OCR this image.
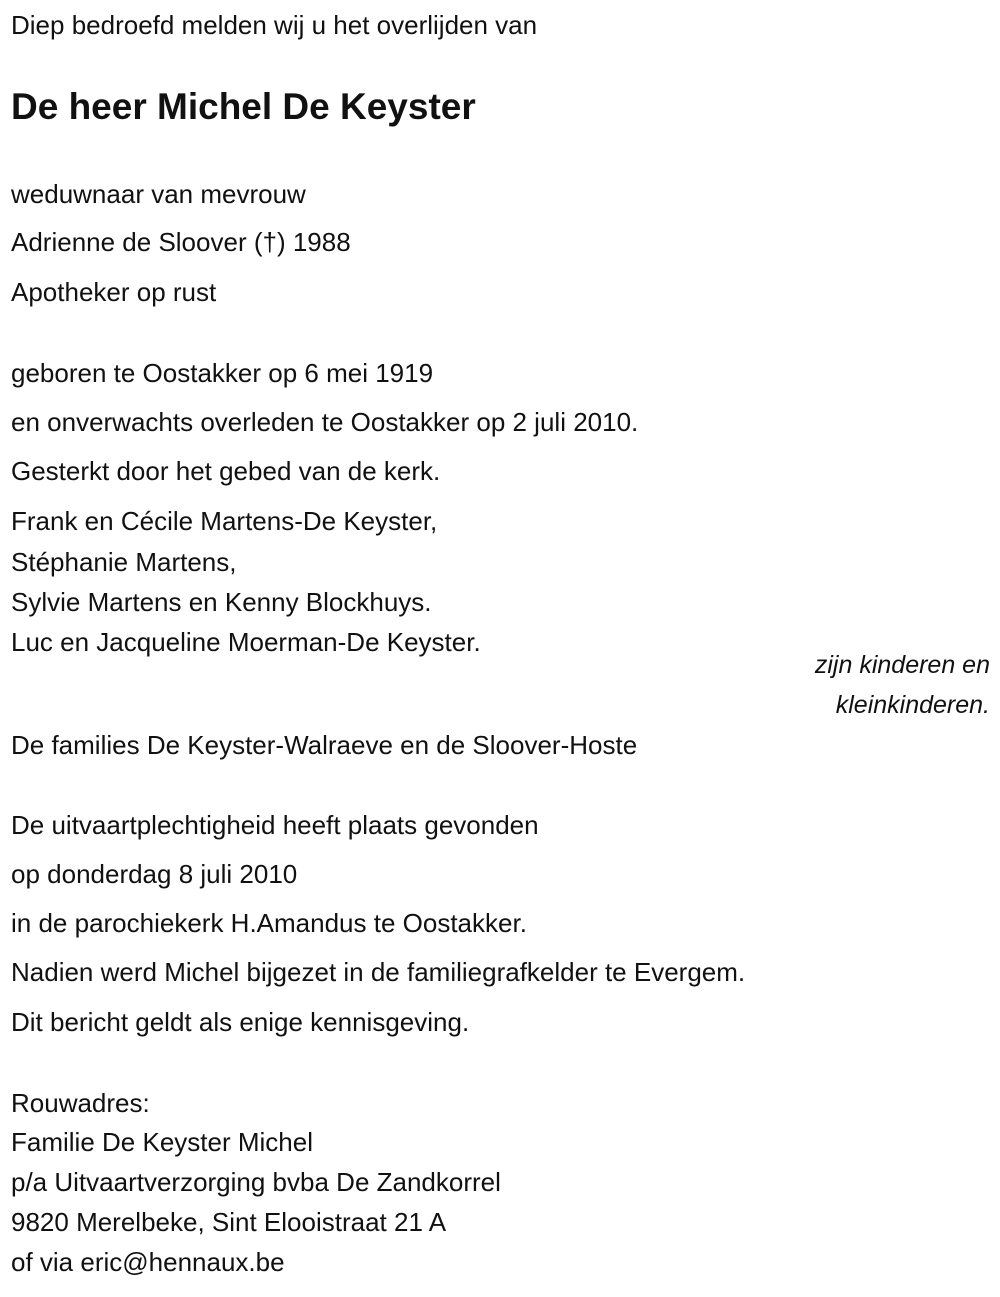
Diep bedroefd melden wij u het overlijden van
De heer Michel De Keyster
weduwnaar van mevrouw
Adrienne de Sloover (†) 1988
Apotheker op rust
geboren te Oostakker op 6 mei 1919
en onverwachts overleden te Oostakker op 2 juli 2010.
Gesterkt door het gebed van de kerk.
Frank en Cécile Martens-De Keyster,
Stéphanie Martens,
Sylvie Martens en Kenny Blockhuys.
Luc en Jacqueline Moerman-De Keyster.
zijn kinderen en
kleinkinderen.
De families De Keyster-Walraeve en de Sloover-Hoste
De uitvaartplechtigheid heeft plaats gevonden
op donderdag 8 juli 2010
in de parochiekerk H.Amandus te Oostakker.
Nadien werd Michel bijgezet in de familiegrafkelder te Evergem.
Dit bericht geldt als enige kennisgeving.
Rouwadres:
Familie De Keyster Michel
p/a Uitvaartverzorging bvba De Zandkorrel
9820 Merelbeke, Sint Elooistraat 21 A
of via eric@hennaux.be
